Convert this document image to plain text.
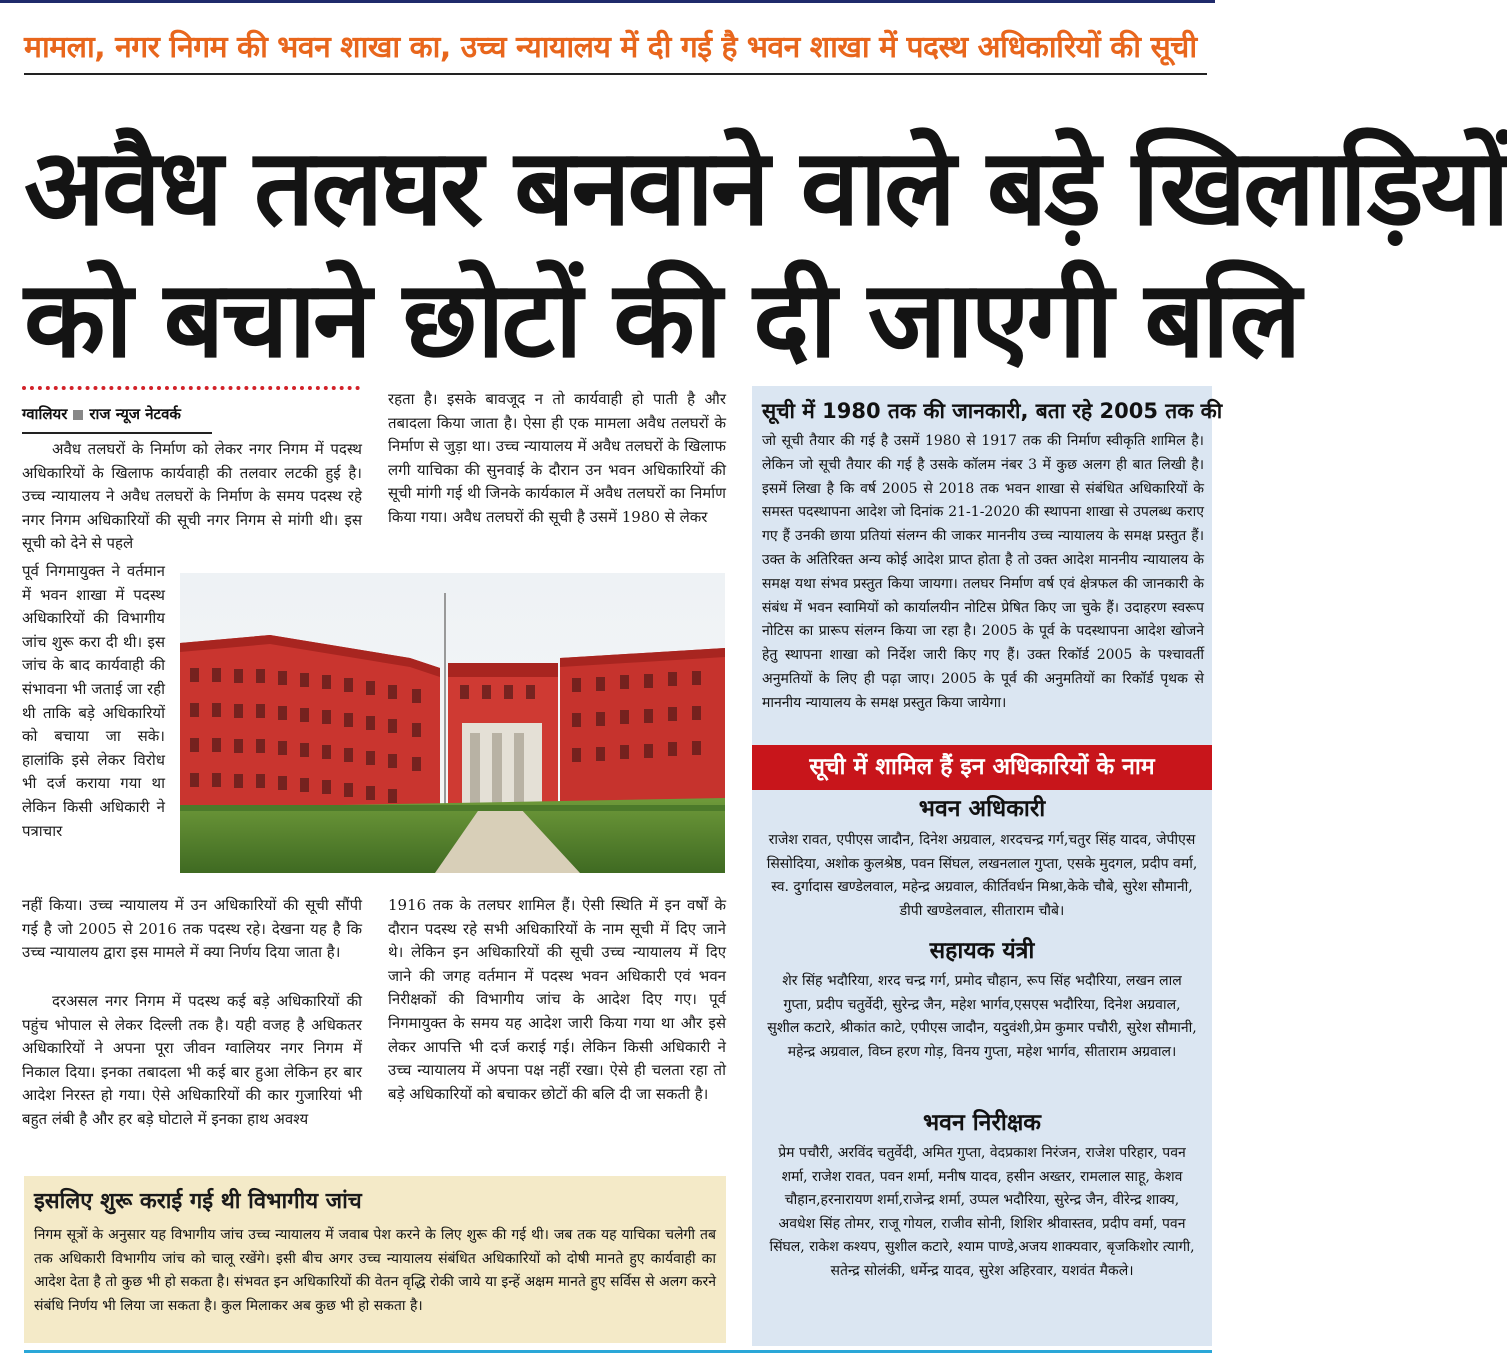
मामला, नगर निगम की भवन शाखा का, उच्च न्यायालय में दी गई है भवन शाखा में पदस्थ अधिकारियों की सूची
अवैध तलघर बनवाने वाले बड़े खिलाड़ियों
को बचाने छोटों की दी जाएगी बलि
ग्वालियर राज न्यूज नेटवर्क

अवैध तलघरों के निर्माण को लेकर नगर निगम में पदस्थ अधिकारियों के खिलाफ कार्यवाही की तलवार लटकी हुई है। उच्च न्यायालय ने अवैध तलघरों के निर्माण के समय पदस्थ रहे नगर निगम अधिकारियों की सूची नगर निगम से मांगी थी। इस सूची को देने से पहले

पूर्व निगमायुक्त ने वर्तमान में भवन शाखा में पदस्थ अधिकारियों की विभागीय जांच शुरू करा दी थी। इस जांच के बाद कार्यवाही की संभावना भी जताई जा रही थी ताकि बड़े अधिकारियों को बचाया जा सके। हालांकि इसे लेकर विरोध भी दर्ज कराया गया था लेकिन किसी अधिकारी ने पत्राचार

नहीं किया। उच्च न्यायालय में उन अधिकारियों की सूची सौंपी गई है जो 2005 से 2016 तक पदस्थ रहे। देखना यह है कि उच्च न्यायालय द्वारा इस मामले में क्या निर्णय दिया जाता है।

दरअसल नगर निगम में पदस्थ कई बड़े अधिकारियों की पहुंच भोपाल से लेकर दिल्ली तक है। यही वजह है अधिकतर अधिकारियों ने अपना पूरा जीवन ग्वालियर नगर निगम में निकाल दिया। इनका तबादला भी कई बार हुआ लेकिन हर बार आदेश निरस्त हो गया। ऐसे अधिकारियों की कार गुजारियां भी बहुत लंबी है और हर बड़े घोटाले में इनका हाथ अवश्य

रहता है। इसके बावजूद न तो कार्यवाही हो पाती है और तबादला किया जाता है। ऐसा ही एक मामला अवैध तलघरों के निर्माण से जुड़ा था। उच्च न्यायालय में अवैध तलघरों के खिलाफ लगी याचिका की सुनवाई के दौरान उन भवन अधिकारियों की सूची मांगी गई थी जिनके कार्यकाल में अवैध तलघरों का निर्माण किया गया। अवैध तलघरों की सूची है उसमें 1980 से लेकर

1916 तक के तलघर शामिल हैं। ऐसी स्थिति में इन वर्षों के दौरान पदस्थ रहे सभी अधिकारियों के नाम सूची में दिए जाने थे। लेकिन इन अधिकारियों की सूची उच्च न्यायालय में दिए जाने की जगह वर्तमान में पदस्थ भवन अधिकारी एवं भवन निरीक्षकों की विभागीय जांच के आदेश दिए गए। पूर्व निगमायुक्त के समय यह आदेश जारी किया गया था और इसे लेकर आपत्ति भी दर्ज कराई गई। लेकिन किसी अधिकारी ने उच्च न्यायालय में अपना पक्ष नहीं रखा। ऐसे ही चलता रहा तो बड़े अधिकारियों को बचाकर छोटों की बलि दी जा सकती है।

इसलिए शुरू कराई गई थी विभागीय जांच
निगम सूत्रों के अनुसार यह विभागीय जांच उच्च न्यायालय में जवाब पेश करने के लिए शुरू की गई थी। जब तक यह याचिका चलेगी तब तक अधिकारी विभागीय जांच को चालू रखेंगे। इसी बीच अगर उच्च न्यायालय संबंधित अधिकारियों को दोषी मानते हुए कार्यवाही का आदेश देता है तो कुछ भी हो सकता है। संभवत इन अधिकारियों की वेतन वृद्धि रोकी जाये या इन्हें अक्षम मानते हुए सर्विस से अलग करने संबंधि निर्णय भी लिया जा सकता है। कुल मिलाकर अब कुछ भी हो सकता है।
सूची में 1980 तक की जानकारी, बता रहे 2005 तक की

जो सूची तैयार की गई है उसमें 1980 से 1917 तक की निर्माण स्वीकृति शामिल है। लेकिन जो सूची तैयार की गई है उसके कॉलम नंबर 3 में कुछ अलग ही बात लिखी है। इसमें लिखा है कि वर्ष 2005 से 2018 तक भवन शाखा से संबंधित अधिकारियों के समस्त पदस्थापना आदेश जो दिनांक 21-1-2020 की स्थापना शाखा से उपलब्ध कराए गए हैं उनकी छाया प्रतियां संलग्न की जाकर माननीय उच्च न्यायालय के समक्ष प्रस्तुत हैं। उक्त के अतिरिक्त अन्य कोई आदेश प्राप्त होता है तो उक्त आदेश माननीय न्यायालय के समक्ष यथा संभव प्रस्तुत किया जायगा। तलघर निर्माण वर्ष एवं क्षेत्रफल की जानकारी के संबंध में भवन स्वामियों को कार्यालयीन नोटिस प्रेषित किए जा चुके हैं। उदाहरण स्वरूप नोटिस का प्रारूप संलग्न किया जा रहा है। 2005 के पूर्व के पदस्थापना आदेश खोजने हेतु स्थापना शाखा को निर्देश जारी किए गए हैं। उक्त रिकॉर्ड 2005 के पश्चावर्ती अनुमतियों के लिए ही पढ़ा जाए। 2005 के पूर्व की अनुमतियों का रिकॉर्ड पृथक से माननीय न्यायालय के समक्ष प्रस्तुत किया जायेगा।

सूची में शामिल हैं इन अधिकारियों के नाम
भवन अधिकारी

राजेश रावत, एपीएस जादौन, दिनेश अग्रवाल, शरदचन्द्र गर्ग,चतुर सिंह यादव, जेपीएस सिसोदिया, अशोक कुलश्रेष्ठ, पवन सिंघल, लखनलाल गुप्ता, एसके मुदगल, प्रदीप वर्मा, स्व. दुर्गादास खण्डेलवाल, महेन्द्र अग्रवाल, कीर्तिवर्धन मिश्रा,केके चौबे, सुरेश सौमानी, डीपी खण्डेलवाल, सीताराम चौबे।

सहायक यंत्री

शेर सिंह भदौरिया, शरद चन्द्र गर्ग, प्रमोद चौहान, रूप सिंह भदौरिया, लखन लाल गुप्ता, प्रदीप चतुर्वेदी, सुरेन्द्र जैन, महेश भार्गव,एसएस भदौरिया, दिनेश अग्रवाल, सुशील कटारे, श्रीकांत काटे, एपीएस जादौन, यदुवंशी,प्रेम कुमार पचौरी, सुरेश सौमानी, महेन्द्र अग्रवाल, विघ्न हरण गोड़, विनय गुप्ता, महेश भार्गव, सीताराम अग्रवाल।

भवन निरीक्षक

प्रेम पचौरी, अरविंद चतुर्वेदी, अमित गुप्ता, वेदप्रकाश निरंजन, राजेश परिहार, पवन शर्मा, राजेश रावत, पवन शर्मा, मनीष यादव, हसीन अख्तर, रामलाल साहू, केशव चौहान,हरनारायण शर्मा,राजेन्द्र शर्मा, उप्पल भदौरिया, सुरेन्द्र जैन, वीरेन्द्र शाक्य, अवधेश सिंह तोमर, राजू गोयल, राजीव सोनी, शिशिर श्रीवास्तव, प्रदीप वर्मा, पवन सिंघल, राकेश कश्यप, सुशील कटारे, श्याम पाण्डे,अजय शाक्यवार, बृजकिशोर त्यागी, सतेन्द्र सोलंकी, धर्मेन्द्र यादव, सुरेश अहिरवार, यशवंत मैकले।
